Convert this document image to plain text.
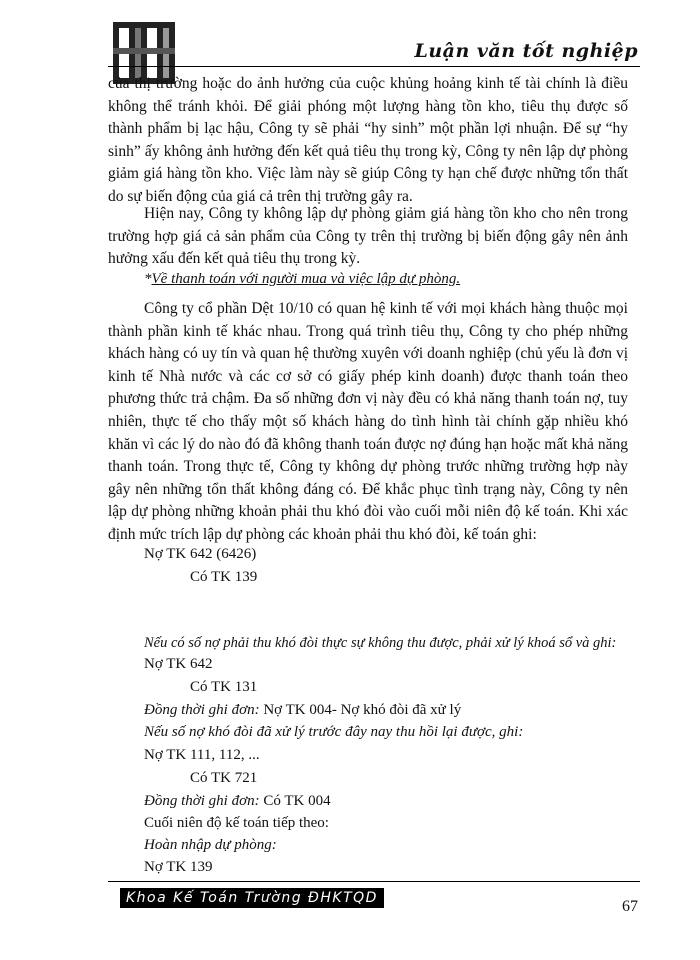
Luận văn tốt nghiệp

của thị trường hoặc do ảnh hưởng của cuộc khủng hoảng kinh tế tài chính là điều không thể tránh khỏi. Để giải phóng một lượng hàng tồn kho, tiêu thụ được số thành phẩm bị lạc hậu, Công ty sẽ phải “hy sinh” một phần lợi nhuận. Để sự “hy sinh” ấy không ảnh hưởng đến kết quả tiêu thụ trong kỳ, Công ty nên lập dự phòng giảm giá hàng tồn kho. Việc làm này sẽ giúp Công ty hạn chế được những tổn thất do sự biến động của giá cả trên thị trường gây ra.

Hiện nay, Công ty không lập dự phòng giảm giá hàng tồn kho cho nên trong trường hợp giá cả sản phẩm của Công ty trên thị trường bị biến động gây nên ảnh hưởng xấu đến kết quả tiêu thụ trong kỳ.

*Về thanh toán với người mua và việc lập dự phòng.

Công ty cổ phần Dệt 10/10 có quan hệ kinh tế với mọi khách hàng thuộc mọi thành phần kinh tế khác nhau. Trong quá trình tiêu thụ, Công ty cho phép những khách hàng có uy tín và quan hệ thường xuyên với doanh nghiệp (chủ yếu là đơn vị kinh tế Nhà nước và các cơ sở có giấy phép kinh doanh) được thanh toán theo phương thức trả chậm. Đa số những đơn vị này đều có khả năng thanh toán nợ, tuy nhiên, thực tế cho thấy một số khách hàng do tình hình tài chính gặp nhiều khó khăn vì các lý do nào đó đã không thanh toán được nợ đúng hạn hoặc mất khả năng thanh toán. Trong thực tế, Công ty không dự phòng trước những trường hợp này gây nên những tổn thất không đáng có. Để khắc phục tình trạng này, Công ty nên lập dự phòng những khoản phải thu khó đòi vào cuối mỗi niên độ kế toán. Khi xác định mức trích lập dự phòng các khoản phải thu khó đòi, kế toán ghi:

Nợ TK 642 (6426)
Có TK 139
Nếu có số nợ phải thu khó đòi thực sự không thu được, phải xử lý khoá sổ và ghi:
Nợ TK 642
Có TK 131
Đồng thời ghi đơn: Nợ TK 004- Nợ khó đòi đã xử lý
Nếu số nợ khó đòi đã xử lý trước đây nay thu hồi lại được, ghi:
Nợ TK 111, 112, ...
Có TK 721
Đồng thời ghi đơn: Có TK 004
Cuối niên độ kế toán tiếp theo:
Hoàn nhập dự phòng:
Nợ TK 139
Khoa Kế Toán Trường ĐHKTQD	67
